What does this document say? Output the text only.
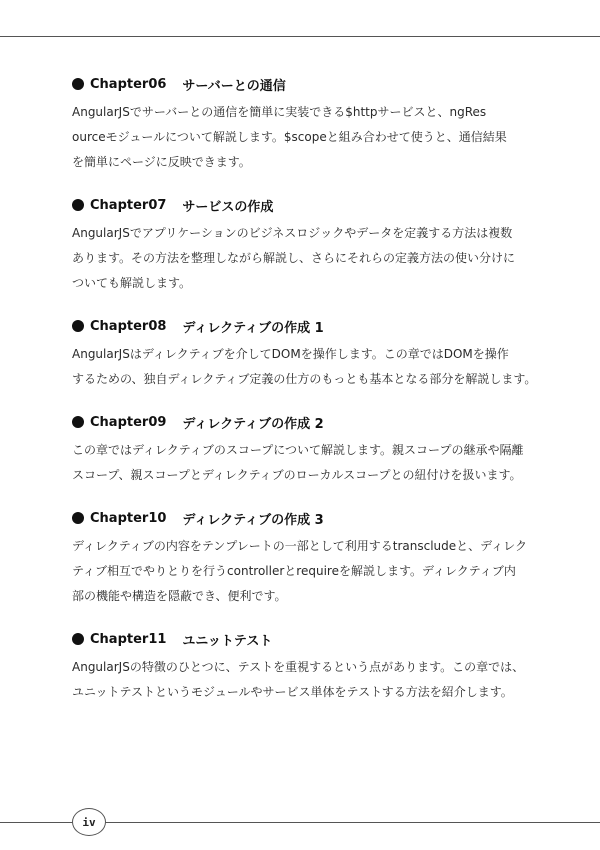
Chapter06 サーバーとの通信

AngularJSでサーバーとの通信を簡単に実装できる$httpサービスと、ngRes
ourceモジュールについて解説します。$scopeと組み合わせて使うと、通信結果
を簡単にページに反映できます。

Chapter07 サービスの作成

AngularJSでアプリケーションのビジネスロジックやデータを定義する方法は複数
あります。その方法を整理しながら解説し、さらにそれらの定義方法の使い分けに
ついても解説します。

Chapter08 ディレクティブの作成 1

AngularJSはディレクティブを介してDOMを操作します。この章ではDOMを操作
するための、独自ディレクティブ定義の仕方のもっとも基本となる部分を解説します。

Chapter09 ディレクティブの作成 2

この章ではディレクティブのスコープについて解説します。親スコープの継承や隔離
スコープ、親スコープとディレクティブのローカルスコープとの紐付けを扱います。

Chapter10 ディレクティブの作成 3

ディレクティブの内容をテンプレートの一部として利用するtranscludeと、ディレク
ティブ相互でやりとりを行うcontrollerとrequireを解説します。ディレクティブ内
部の機能や構造を隠蔽でき、便利です。

Chapter11 ユニットテスト

AngularJSの特徴のひとつに、テストを重視するという点があります。この章では、
ユニットテストというモジュールやサービス単体をテストする方法を紹介します。

iv
